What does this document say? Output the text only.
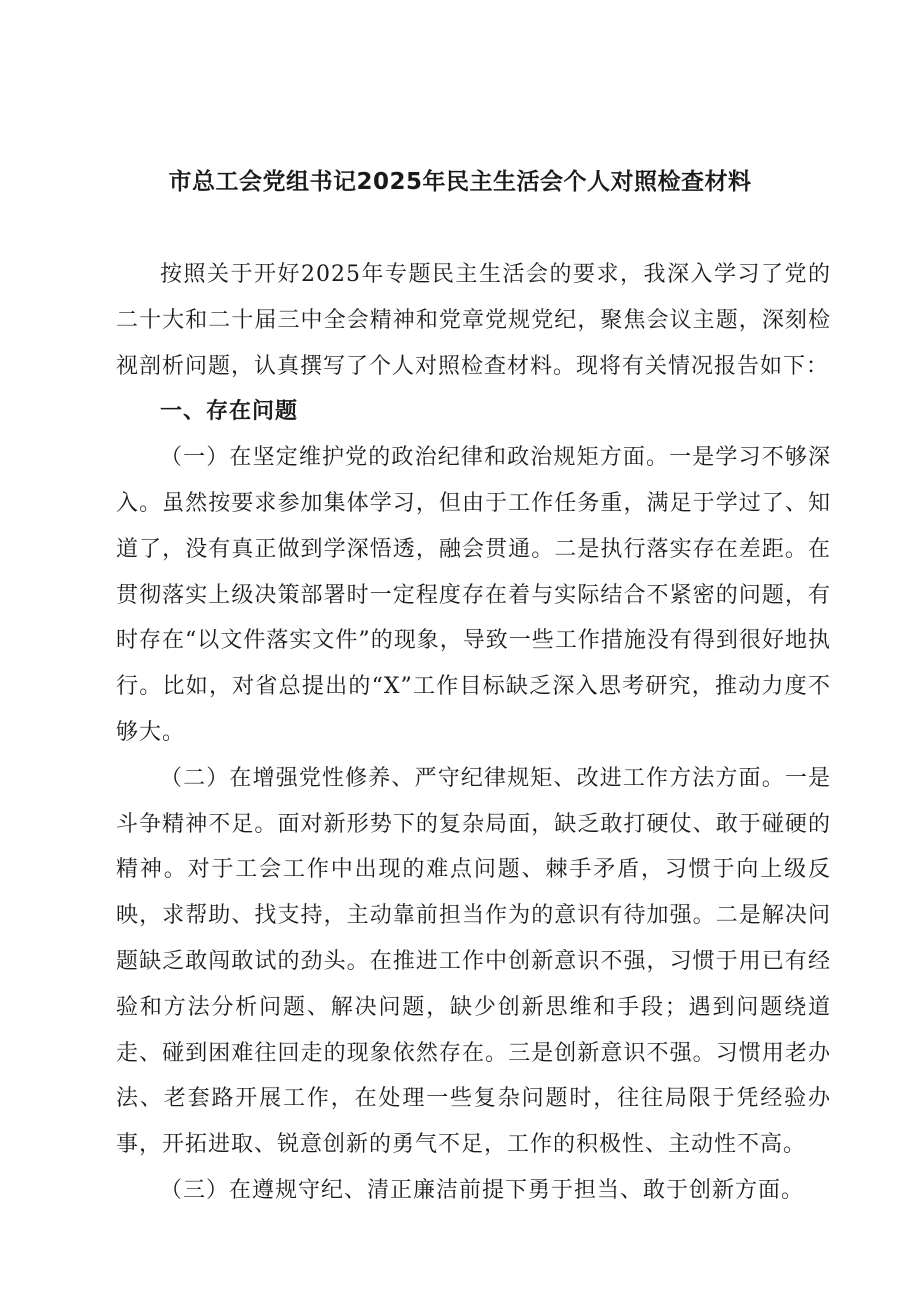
市总工会党组书记2025年民主生活会个人对照检查材料

按照关于开好2025年专题民主生活会的要求，我深入学习了党的二十大和二十届三中全会精神和党章党规党纪，聚焦会议主题，深刻检视剖析问题，认真撰写了个人对照检查材料。现将有关情况报告如下：

一、存在问题

（一）在坚定维护党的政治纪律和政治规矩方面。一是学习不够深入。虽然按要求参加集体学习，但由于工作任务重，满足于学过了、知道了，没有真正做到学深悟透，融会贯通。二是执行落实存在差距。在贯彻落实上级决策部署时一定程度存在着与实际结合不紧密的问题，有时存在“以文件落实文件”的现象，导致一些工作措施没有得到很好地执行。比如，对省总提出的“X”工作目标缺乏深入思考研究，推动力度不够大。

（二）在增强党性修养、严守纪律规矩、改进工作方法方面。一是斗争精神不足。面对新形势下的复杂局面，缺乏敢打硬仗、敢于碰硬的精神。对于工会工作中出现的难点问题、棘手矛盾，习惯于向上级反映，求帮助、找支持，主动靠前担当作为的意识有待加强。二是解决问题缺乏敢闯敢试的劲头。在推进工作中创新意识不强，习惯于用已有经验和方法分析问题、解决问题，缺少创新思维和手段；遇到问题绕道走、碰到困难往回走的现象依然存在。三是创新意识不强。习惯用老办法、老套路开展工作，在处理一些复杂问题时，往往局限于凭经验办事，开拓进取、锐意创新的勇气不足，工作的积极性、主动性不高。

（三）在遵规守纪、清正廉洁前提下勇于担当、敢于创新方面。
